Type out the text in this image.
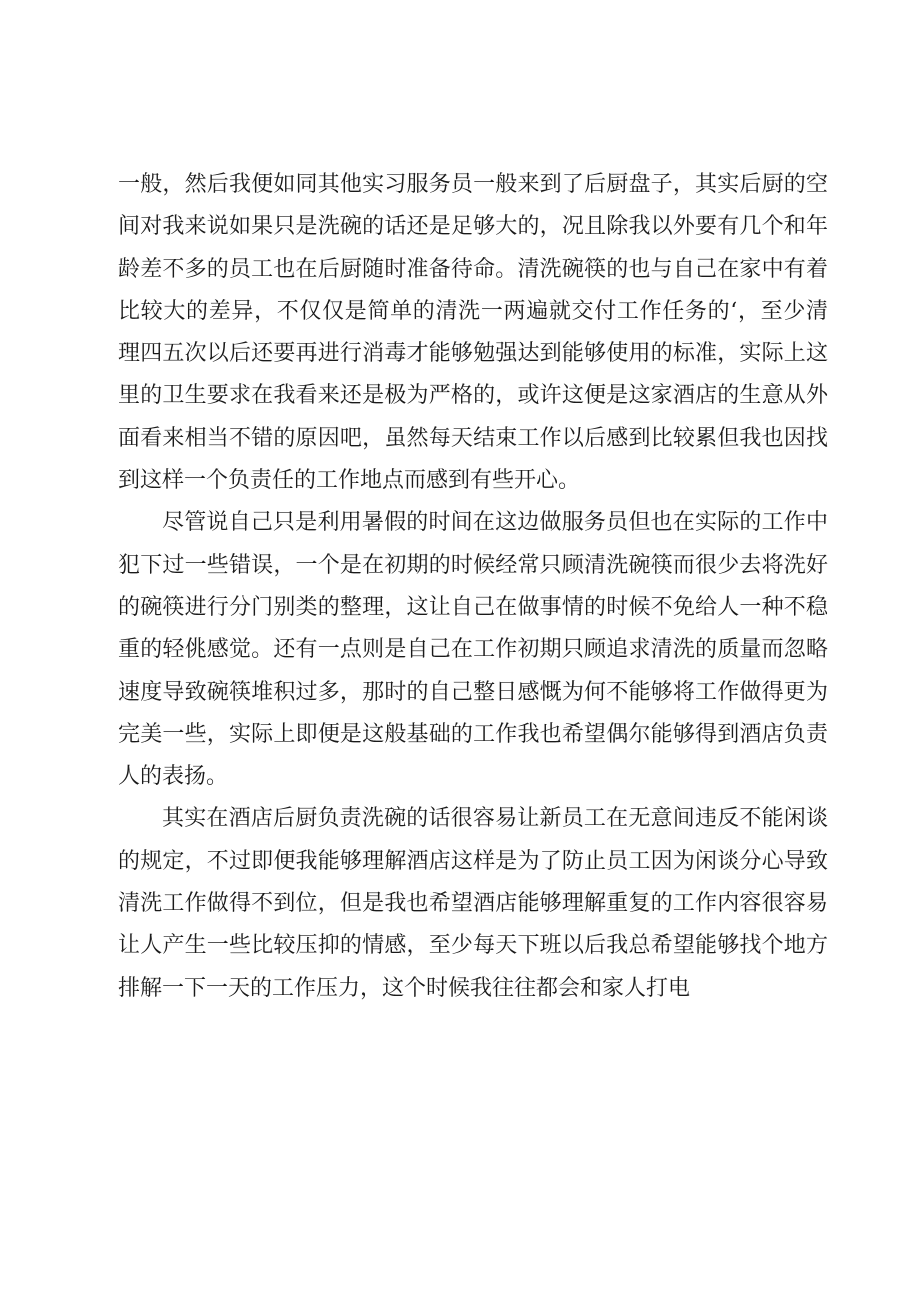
一般，然后我便如同其他实习服务员一般来到了后厨盘子，其实后厨的空间对我来说如果只是洗碗的话还是足够大的，况且除我以外要有几个和年龄差不多的员工也在后厨随时准备待命。清洗碗筷的也与自己在家中有着比较大的差异，不仅仅是简单的清洗一两遍就交付工作任务的‘，至少清理四五次以后还要再进行消毒才能够勉强达到能够使用的标准，实际上这里的卫生要求在我看来还是极为严格的，或许这便是这家酒店的生意从外面看来相当不错的原因吧，虽然每天结束工作以后感到比较累但我也因找到这样一个负责任的工作地点而感到有些开心。

尽管说自己只是利用暑假的时间在这边做服务员但也在实际的工作中犯下过一些错误，一个是在初期的时候经常只顾清洗碗筷而很少去将洗好的碗筷进行分门别类的整理，这让自己在做事情的时候不免给人一种不稳重的轻佻感觉。还有一点则是自己在工作初期只顾追求清洗的质量而忽略速度导致碗筷堆积过多，那时的自己整日感慨为何不能够将工作做得更为完美一些，实际上即便是这般基础的工作我也希望偶尔能够得到酒店负责人的表扬。

其实在酒店后厨负责洗碗的话很容易让新员工在无意间违反不能闲谈的规定，不过即便我能够理解酒店这样是为了防止员工因为闲谈分心导致清洗工作做得不到位，但是我也希望酒店能够理解重复的工作内容很容易让人产生一些比较压抑的情感，至少每天下班以后我总希望能够找个地方排解一下一天的工作压力，这个时候我往往都会和家人打电
